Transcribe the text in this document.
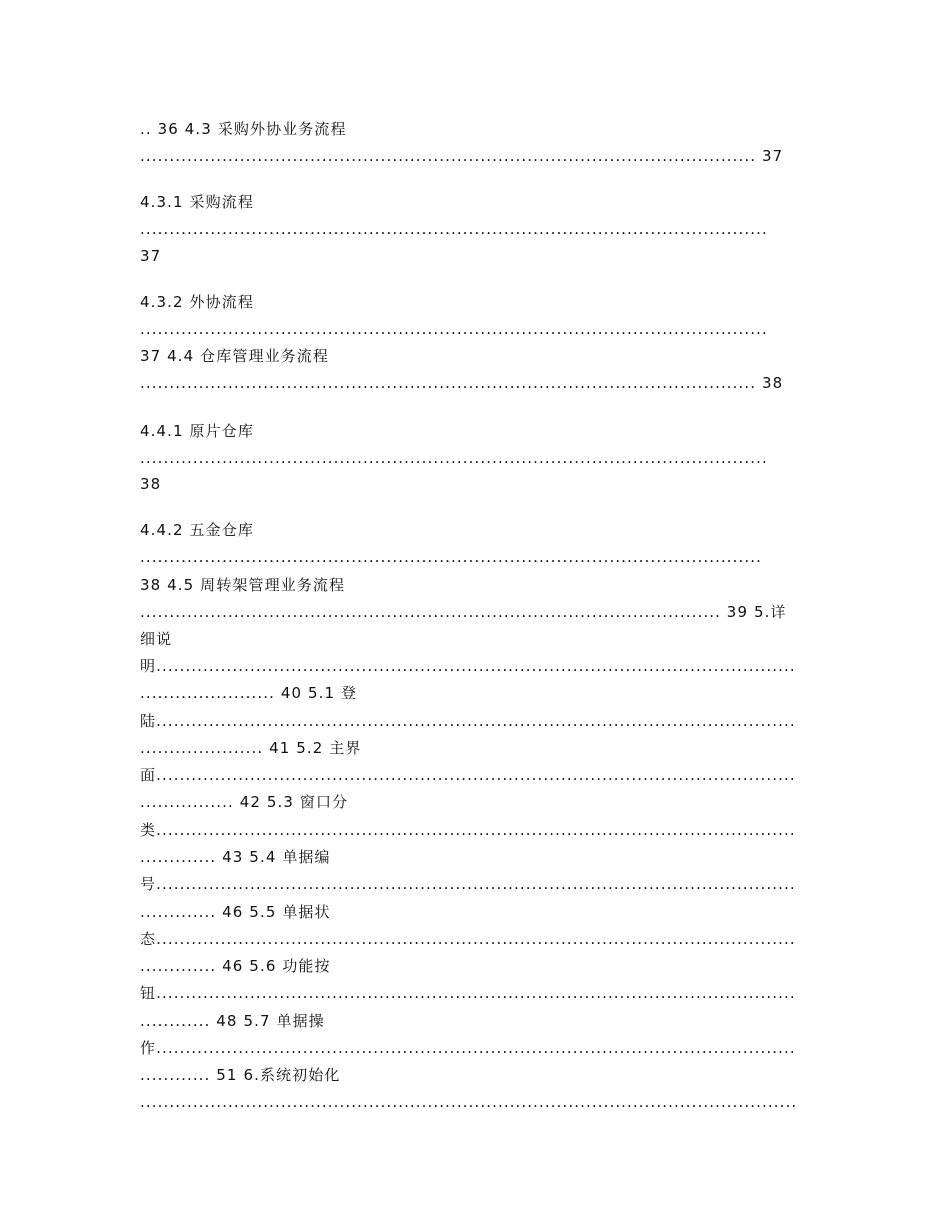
.. 36 4.3 采购外协业务流程
......................................................................................................... 37
4.3.1 采购流程
...........................................................................................................
37
4.3.2 外协流程
...........................................................................................................
37 4.4 仓库管理业务流程
......................................................................................................... 38
4.4.1 原片仓库
...........................................................................................................
38
4.4.2 五金仓库
..........................................................................................................
38 4.5 周转架管理业务流程
................................................................................................... 39 5.详
细说
明.............................................................................................................
....................... 40 5.1 登
陆.............................................................................................................
..................... 41 5.2 主界
面.............................................................................................................
................ 42 5.3 窗口分
类.............................................................................................................
............. 43 5.4 单据编
号.............................................................................................................
............. 46 5.5 单据状
态.............................................................................................................
............. 46 5.6 功能按
钮.............................................................................................................
............ 48 5.7 单据操
作.............................................................................................................
............ 51 6.系统初始化
................................................................................................................
